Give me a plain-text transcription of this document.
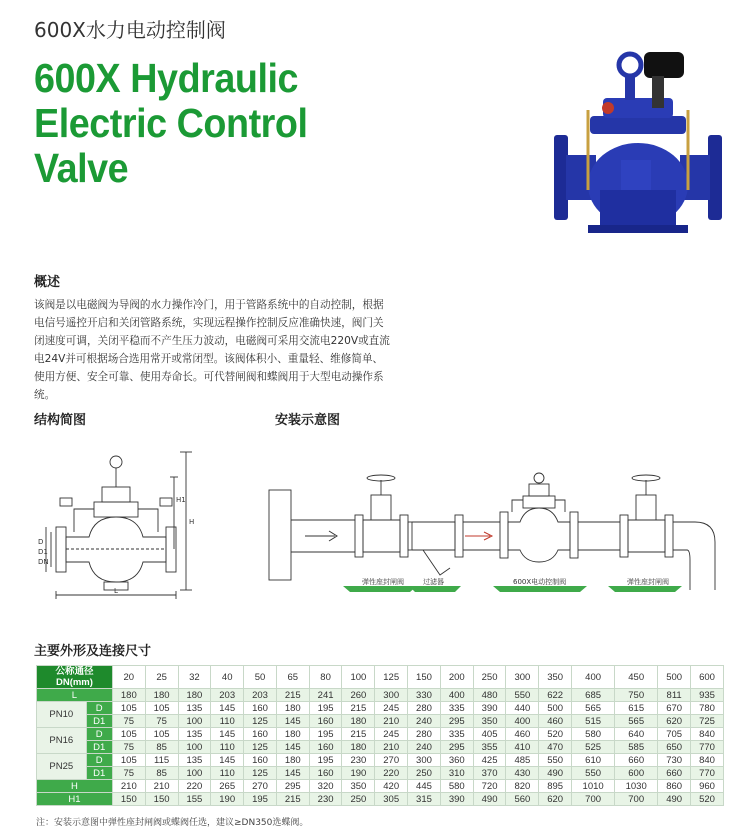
600X水力电动控制阀
600X Hydraulic
Electric Control
Valve
概述
该阀是以电磁阀为导阀的水力操作冷门，用于管路系统中的自动控制，根据电信号遥控开启和关闭管路系统，实现远程操作控制反应准确快速，阀门关闭速度可调，关闭平稳而不产生压力波动，电磁阀可采用交流电220V或直流电24V并可根据场合选用常开或常闭型。该阀体积小、重量轻、维修简单、使用方便、安全可靠、使用寿命长。可代替闸阀和蝶阀用于大型电动操作系统。
结构简图
H
H1
L
D
D1
DN
安装示意图
弹性座封闸阀	过滤器	600X电动控制阀	弹性座封闸阀
主要外形及连接尺寸
公称通径
DN(mm)		20	25	32	40	50	65	80	100	125	150	200	250	300	350	400	450	500	600
L		180	180	180	203	203	215	241	260	300	330	400	480	550	622	685	750	811	935
PN10	D	105	105	135	145	160	180	195	215	245	280	335	390	440	500	565	615	670	780
	D1	75	75	100	110	125	145	160	180	210	240	295	350	400	460	515	565	620	725
PN16	D	105	105	135	145	160	180	195	215	245	280	335	405	460	520	580	640	705	840
	D1	75	85	100	110	125	145	160	180	210	240	295	355	410	470	525	585	650	770
PN25	D	105	115	135	145	160	180	195	230	270	300	360	425	485	550	610	660	730	840
	D1	75	85	100	110	125	145	160	190	220	250	310	370	430	490	550	600	660	770
H		210	210	220	265	270	295	320	350	420	445	580	720	820	895	1010	1030	860	960
H1		150	150	155	190	195	215	230	250	305	315	390	490	560	620	700	700	490	520
注：安装示意图中弹性座封闸阀或蝶阀任选，建议≥DN350选蝶阀。
